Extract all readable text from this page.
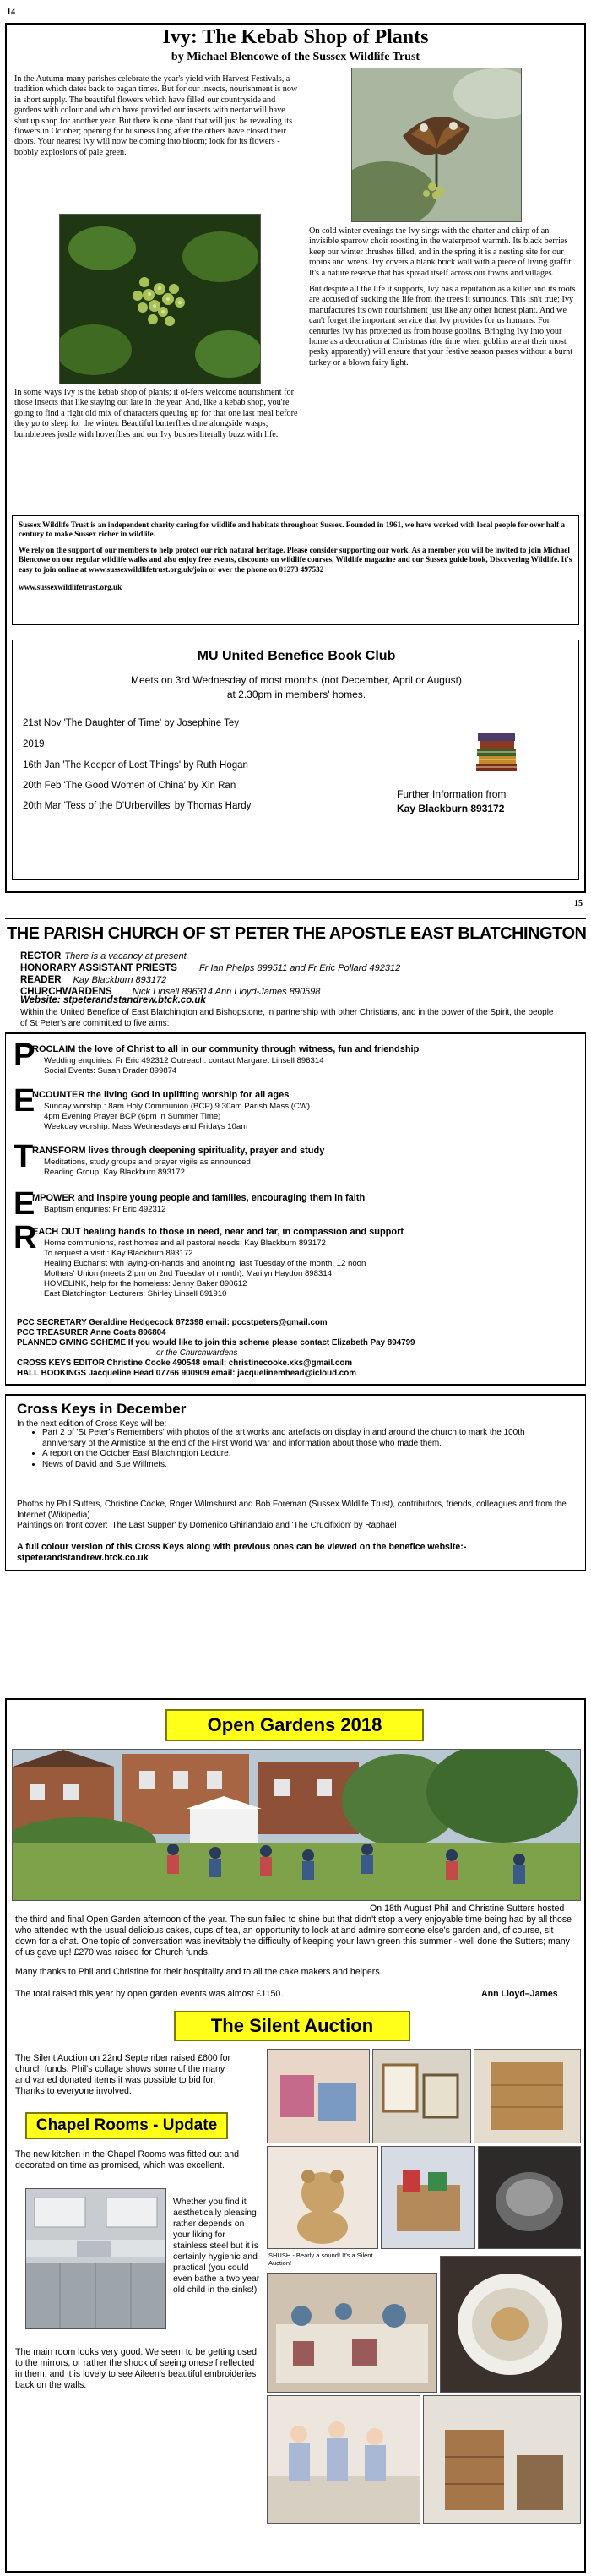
14
Ivy: The Kebab Shop of Plants
by Michael Blencowe of the Sussex Wildlife Trust

In the Autumn many parishes celebrate the year's yield with Harvest Festivals, a tradition which dates back to pagan times. But for our insects, nourishment is now in short supply. The beautiful flowers which have filled our countryside and gardens with colour and which have provided our insects with nectar will have shut up shop for another year. But there is one plant that will just be revealing its flowers in October; opening for business long after the others have closed their doors. Your nearest Ivy will now be coming into bloom; look for its flowers - bobbly explosions of pale green.

In some ways Ivy is the kebab shop of plants; it of-fers welcome nourishment for those insects that like staying out late in the year. And, like a kebab shop, you're going to find a right old mix of characters queuing up for that one last meal before they go to sleep for the winter. Beautiful butterflies dine alongside wasps; bumblebees jostle with hoverflies and our Ivy bushes literally buzz with life.

On cold winter evenings the Ivy sings with the chatter and chirp of an invisible sparrow choir roosting in the waterproof warmth. Its black berries keep our winter thrushes filled, and in the spring it is a nesting site for our robins and wrens. Ivy covers a blank brick wall with a piece of living graffiti. It's a nature reserve that has spread itself across our towns and villages.

But despite all the life it supports, Ivy has a reputation as a killer and its roots are accused of sucking the life from the trees it surrounds. This isn't true; Ivy manufactures its own nourishment just like any other honest plant. And we can't forget the important service that Ivy provides for us humans. For centuries Ivy has protected us from house goblins. Bringing Ivy into your home as a decoration at Christmas (the time when goblins are at their most pesky apparently) will ensure that your festive season passes without a burnt turkey or a blown fairy light.

Sussex Wildlife Trust is an independent charity caring for wildlife and habitats throughout Sussex. Founded in 1961, we have worked with local people for over half a century to make Sussex richer in wildlife.

We rely on the support of our members to help protect our rich natural heritage. Please consider supporting our work. As a member you will be invited to join Michael Blencowe on our regular wildlife walks and also enjoy free events, discounts on wildlife courses, Wildlife magazine and our Sussex guide book, Discovering Wildlife. It's easy to join online at www.sussexwildlifetrust.org.uk/join or over the phone on 01273 497532

www.sussexwildlifetrust.org.uk

MU United Benefice Book Club
Meets on 3rd Wednesday of most months (not December, April or August)
at 2.30pm in members' homes.
21st Nov 'The Daughter of Time' by Josephine Tey
2019
16th Jan 'The Keeper of Lost Things' by Ruth Hogan
20th Feb 'The Good Women of China' by Xin Ran
20th Mar 'Tess of the D'Urbervilles' by Thomas Hardy
Further Information from
Kay Blackburn 893172
15
THE PARISH CHURCH OF ST PETER THE APOSTLE EAST BLATCHINGTON
RECTOR There is a vacancy at present.
HONORARY ASSISTANT PRIESTS Fr Ian Phelps 899511 and Fr Eric Pollard 492312
READER Kay Blackburn 893172
CHURCHWARDENS Nick Linsell 896314 Ann Lloyd-James 890598
Website: stpeterandstandrew.btck.co.uk
Within the United Benefice of East Blatchington and Bishopstone, in partnership with other Christians, and in the power of the Spirit, the people of St Peter's are committed to five aims:
P
ROCLAIM the love of Christ to all in our community through witness, fun and friendship
Wedding enquiries: Fr Eric 492312 Outreach: contact Margaret Linsell 896314
Social Events: Susan Drader 899874
E
NCOUNTER the living God in uplifting worship for all ages
Sunday worship : 8am Holy Communion (BCP) 9.30am Parish Mass (CW)
4pm Evening Prayer BCP (6pm in Summer Time)
Weekday worship: Mass Wednesdays and Fridays 10am
T
RANSFORM lives through deepening spirituality, prayer and study
Meditations, study groups and prayer vigils as announced
Reading Group: Kay Blackburn 893172
E
MPOWER and inspire young people and families, encouraging them in faith
Baptism enquiries: Fr Eric 492312
R
EACH OUT healing hands to those in need, near and far, in compassion and support
Home communions, rest homes and all pastoral needs: Kay Blackburn 893172
To request a visit : Kay Blackburn 893172
Healing Eucharist with laying-on-hands and anointing: last Tuesday of the month, 12 noon
Mothers' Union (meets 2 pm on 2nd Tuesday of month): Marilyn Haydon 898314
HOMELINK, help for the homeless: Jenny Baker 890612
East Blatchington Lecturers: Shirley Linsell 891910
PCC SECRETARY Geraldine Hedgecock 872398 email: pccstpeters@gmail.com
PCC TREASURER Anne Coats 896804
PLANNED GIVING SCHEME If you would like to join this scheme please contact Elizabeth Pay 894799
or the Churchwardens
CROSS KEYS EDITOR Christine Cooke 490548 email: christinecooke.xks@gmail.com
HALL BOOKINGS Jacqueline Head 07766 900909 email: jacquelinemhead@icloud.com
Cross Keys in December
In the next edition of Cross Keys will be:
• Part 2 of 'St Peter's Remembers' with photos of the art works and artefacts on display in and around the church to mark the 100th anniversary of the Armistice at the end of the First World War and information about those who made them.
• A report on the October East Blatchington Lecture.
• News of David and Sue Willmets.
Photos by Phil Sutters, Christine Cooke, Roger Wilmshurst and Bob Foreman (Sussex Wildlife Trust), contributors, friends, colleagues and from the Internet (Wikipedia)
Paintings on front cover: 'The Last Supper' by Domenico Ghirlandaio and 'The Crucifixion' by Raphael
A full colour version of this Cross Keys along with previous ones can be viewed on the benefice website:- stpeterandstandrew.btck.co.uk
Open Gardens 2018
On 18th August Phil and Christine Sutters hosted the third and final Open Garden afternoon of the year. The sun failed to shine but that didn't stop a very enjoyable time being had by all those who attended with the usual delicious cakes, cups of tea, an opportunity to look at and admire someone else's garden and, of course, sit down for a chat. One topic of conversation was inevitably the difficulty of keeping your lawn green this summer - well done the Sutters; many of us gave up! £270 was raised for Church funds.
Many thanks to Phil and Christine for their hospitality and to all the cake makers and helpers.
The total raised this year by open garden events was almost £1150.	Ann Lloyd–James
The Silent Auction
The Silent Auction on 22nd September raised £600 for church funds. Phil's collage shows some of the many and varied donated items it was possible to bid for. Thanks to everyone involved.
Chapel Rooms - Update
The new kitchen in the Chapel Rooms was fitted out and decorated on time as promised, which was excellent.
Whether you find it aesthetically pleasing rather depends on your liking for stainless steel but it is certainly hygienic and practical (you could even bathe a two year old child in the sinks!)
The main room looks very good. We seem to be getting used to the mirrors, or rather the shock of seeing oneself reflected in them, and it is lovely to see Aileen's beautiful embroideries back on the walls.
SHUSH - Bearly a sound! It's a Silent Auction!
